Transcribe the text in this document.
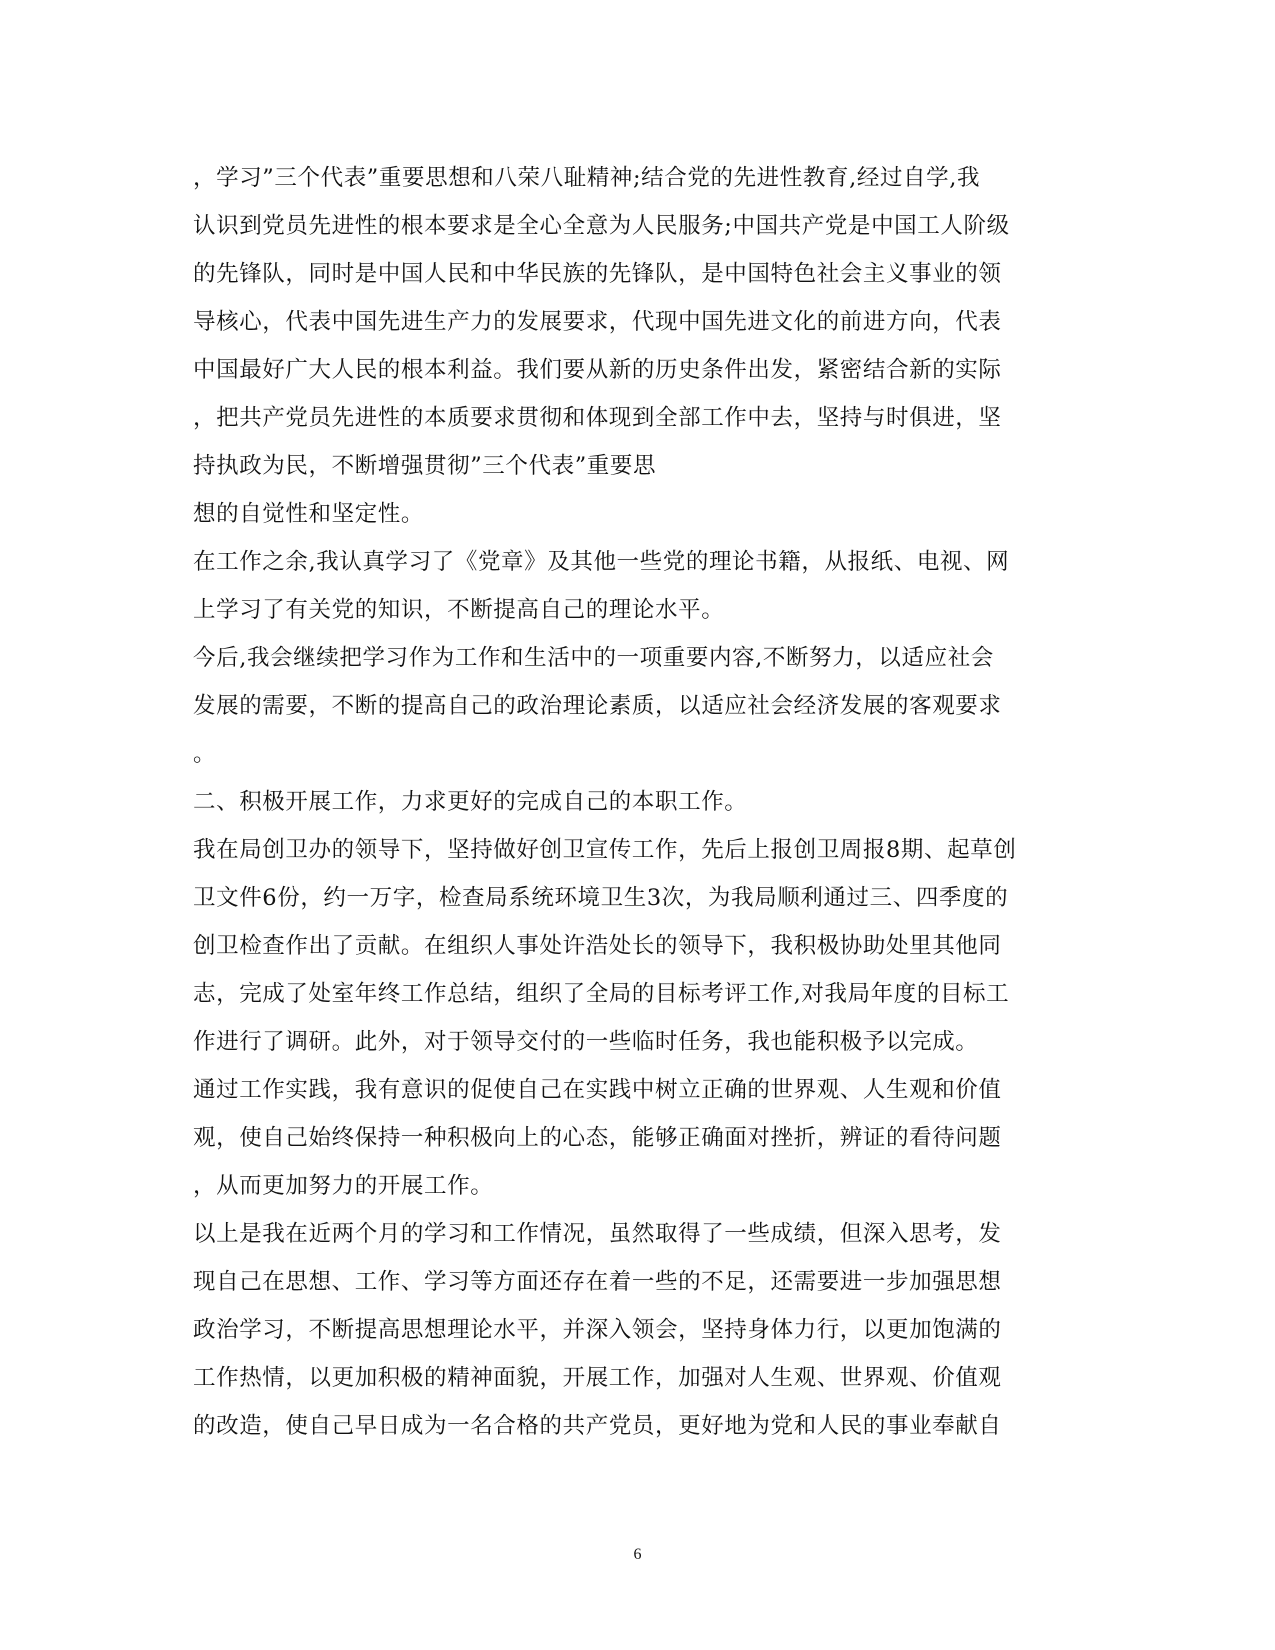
，学习”三个代表”重要思想和八荣八耻精神;结合党的先进性教育,经过自学,我
认识到党员先进性的根本要求是全心全意为人民服务;中国共产党是中国工人阶级
的先锋队，同时是中国人民和中华民族的先锋队，是中国特色社会主义事业的领
导核心，代表中国先进生产力的发展要求，代现中国先进文化的前进方向，代表
中国最好广大人民的根本利益。我们要从新的历史条件出发，紧密结合新的实际
，把共产党员先进性的本质要求贯彻和体现到全部工作中去，坚持与时俱进，坚
持执政为民，不断增强贯彻”三个代表”重要思
想的自觉性和坚定性。
在工作之余,我认真学习了《党章》及其他一些党的理论书籍，从报纸、电视、网
上学习了有关党的知识，不断提高自己的理论水平。
今后,我会继续把学习作为工作和生活中的一项重要内容,不断努力，以适应社会
发展的需要，不断的提高自己的政治理论素质，以适应社会经济发展的客观要求
。
二、积极开展工作，力求更好的完成自己的本职工作。
我在局创卫办的领导下，坚持做好创卫宣传工作，先后上报创卫周报8期、起草创
卫文件6份，约一万字，检查局系统环境卫生3次，为我局顺利通过三、四季度的
创卫检查作出了贡献。在组织人事处许浩处长的领导下，我积极协助处里其他同
志，完成了处室年终工作总结，组织了全局的目标考评工作,对我局年度的目标工
作进行了调研。此外，对于领导交付的一些临时任务，我也能积极予以完成。
通过工作实践，我有意识的促使自己在实践中树立正确的世界观、人生观和价值
观，使自己始终保持一种积极向上的心态，能够正确面对挫折，辨证的看待问题
，从而更加努力的开展工作。
以上是我在近两个月的学习和工作情况，虽然取得了一些成绩，但深入思考，发
现自己在思想、工作、学习等方面还存在着一些的不足，还需要进一步加强思想
政治学习，不断提高思想理论水平，并深入领会，坚持身体力行，以更加饱满的
工作热情，以更加积极的精神面貌，开展工作，加强对人生观、世界观、价值观
的改造，使自己早日成为一名合格的共产党员，更好地为党和人民的事业奉献自
6
